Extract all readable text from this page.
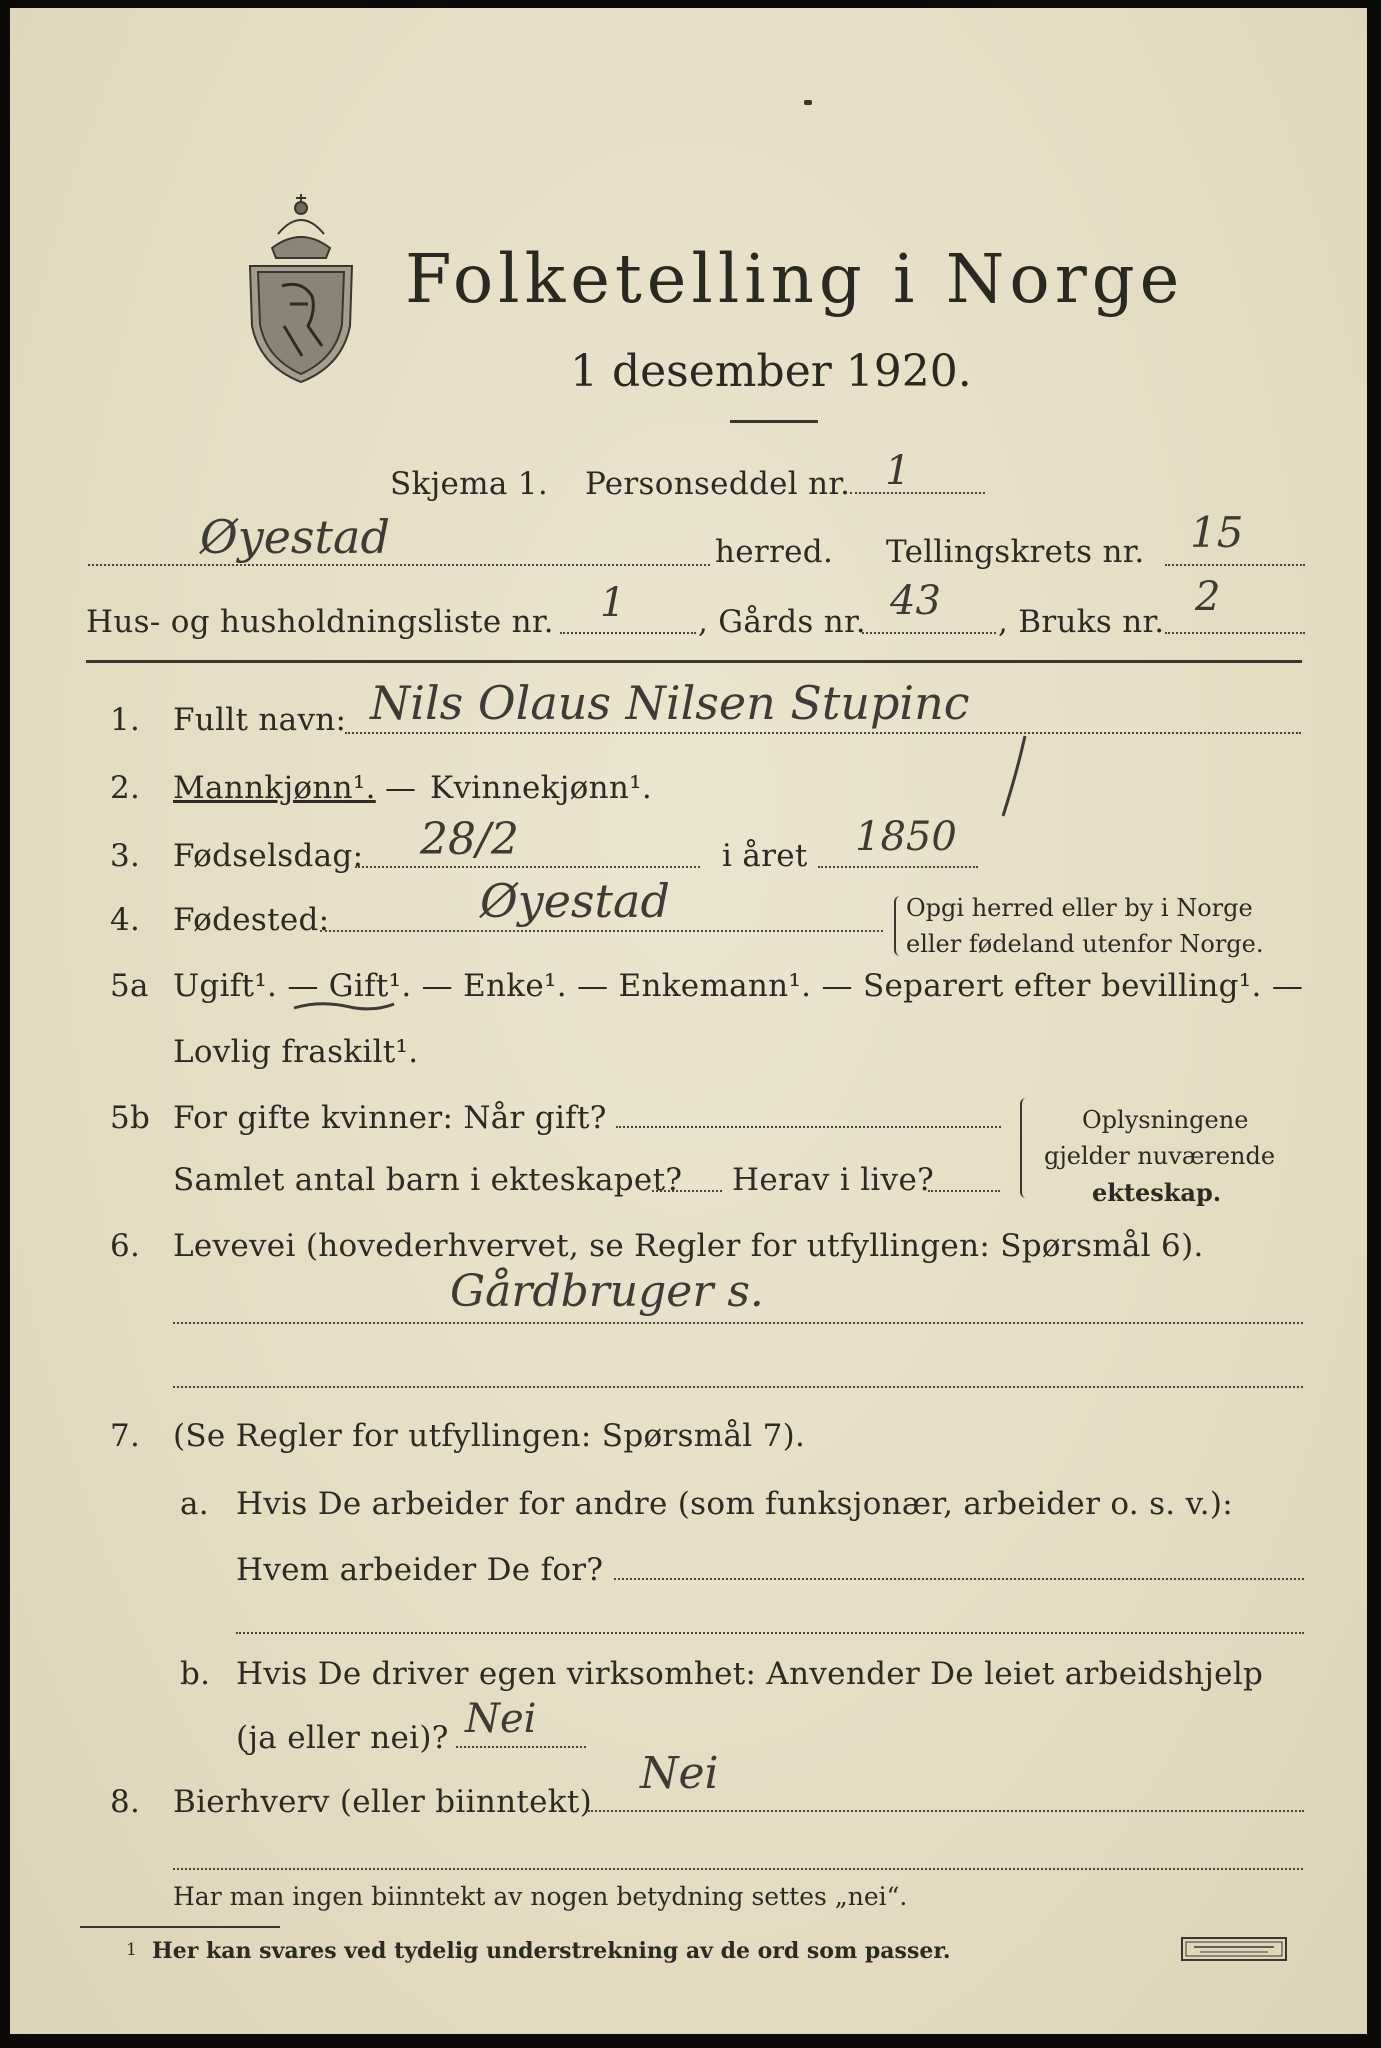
Folketelling i Norge
1 desember 1920.
Skjema 1. Personseddel nr. 1
Øyestad	herred. Tellingskrets nr. 15
Hus- og husholdningsliste nr. 1 , Gårds nr. 43 , Bruks nr.
2
1. Fullt navn: Nils Olaus Nilsen Stupinc
2. Mannkjønn¹. — Kvinnekjønn¹.
3. Fødselsdag: 28/2	i året 1850
4. Fødested:	Øyestad	Opgi herred eller by i Norge
eller fødeland utenfor Norge.
5a Ugift¹. — Gift¹. — Enke¹. — Enkemann¹. — Separert efter bevilling¹. —
Lovlig fraskilt¹.
5b For gifte kvinner: Når gift?
Samlet antal barn i ekteskapet? Herav i live?
Oplysningene
gjelder nuværende
ekteskap.
6. Levevei (hovederhvervet, se Regler for utfyllingen: Spørsmål 6).
Gårdbruger s.
7. (Se Regler for utfyllingen: Spørsmål 7).
a. Hvis De arbeider for andre (som funksjonær, arbeider o. s. v.):
Hvem arbeider De for?
b. Hvis De driver egen virksomhet: Anvender De leiet arbeidshjelp
(ja eller nei)? Nei
8. Bierhverv (eller biinntekt)
Nei
Har man ingen biinntekt av nogen betydning settes „nei“.
1 Her kan svares ved tydelig understrekning av de ord som passer.
